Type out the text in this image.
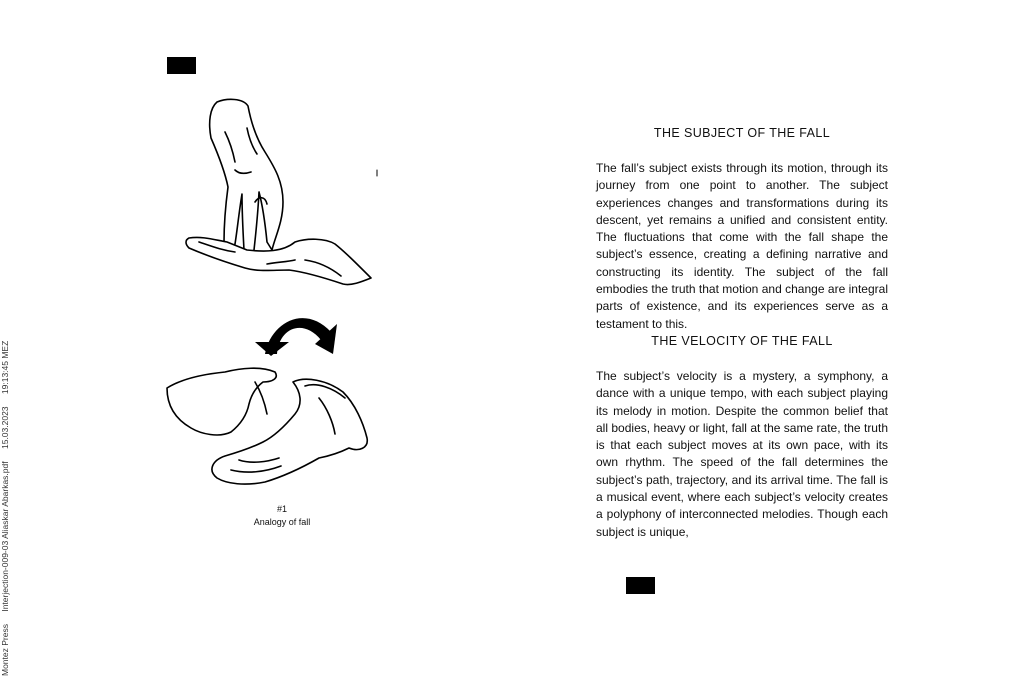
Montez Press Interjection-009-03 Aliaskar Abarkas.pdf 15.03.2023 19:13:45 MEZ
#1
Analogy of fall
THE SUBJECT OF THE FALL

The fall’s subject exists through its motion, through its journey from one point to another. The subject experiences changes and transformations during its descent, yet remains a unified and consistent entity. The fluctuations that come with the fall shape the subject’s essence, creating a defining narrative and constructing its identity. The subject of the fall embodies the truth that motion and change are integral parts of existence, and its experiences serve as a testament to this.

THE VELOCITY OF THE FALL

The subject’s velocity is a mystery, a symphony, a dance with a unique tempo, with each subject playing its melody in motion. Despite the common belief that all bodies, heavy or light, fall at the same rate, the truth is that each subject moves at its own pace, with its own rhythm. The speed of the fall determines the subject’s path, trajectory, and its arrival time. The fall is a musical event, where each subject’s velocity creates a polyphony of interconnected melodies. Though each subject is unique,
